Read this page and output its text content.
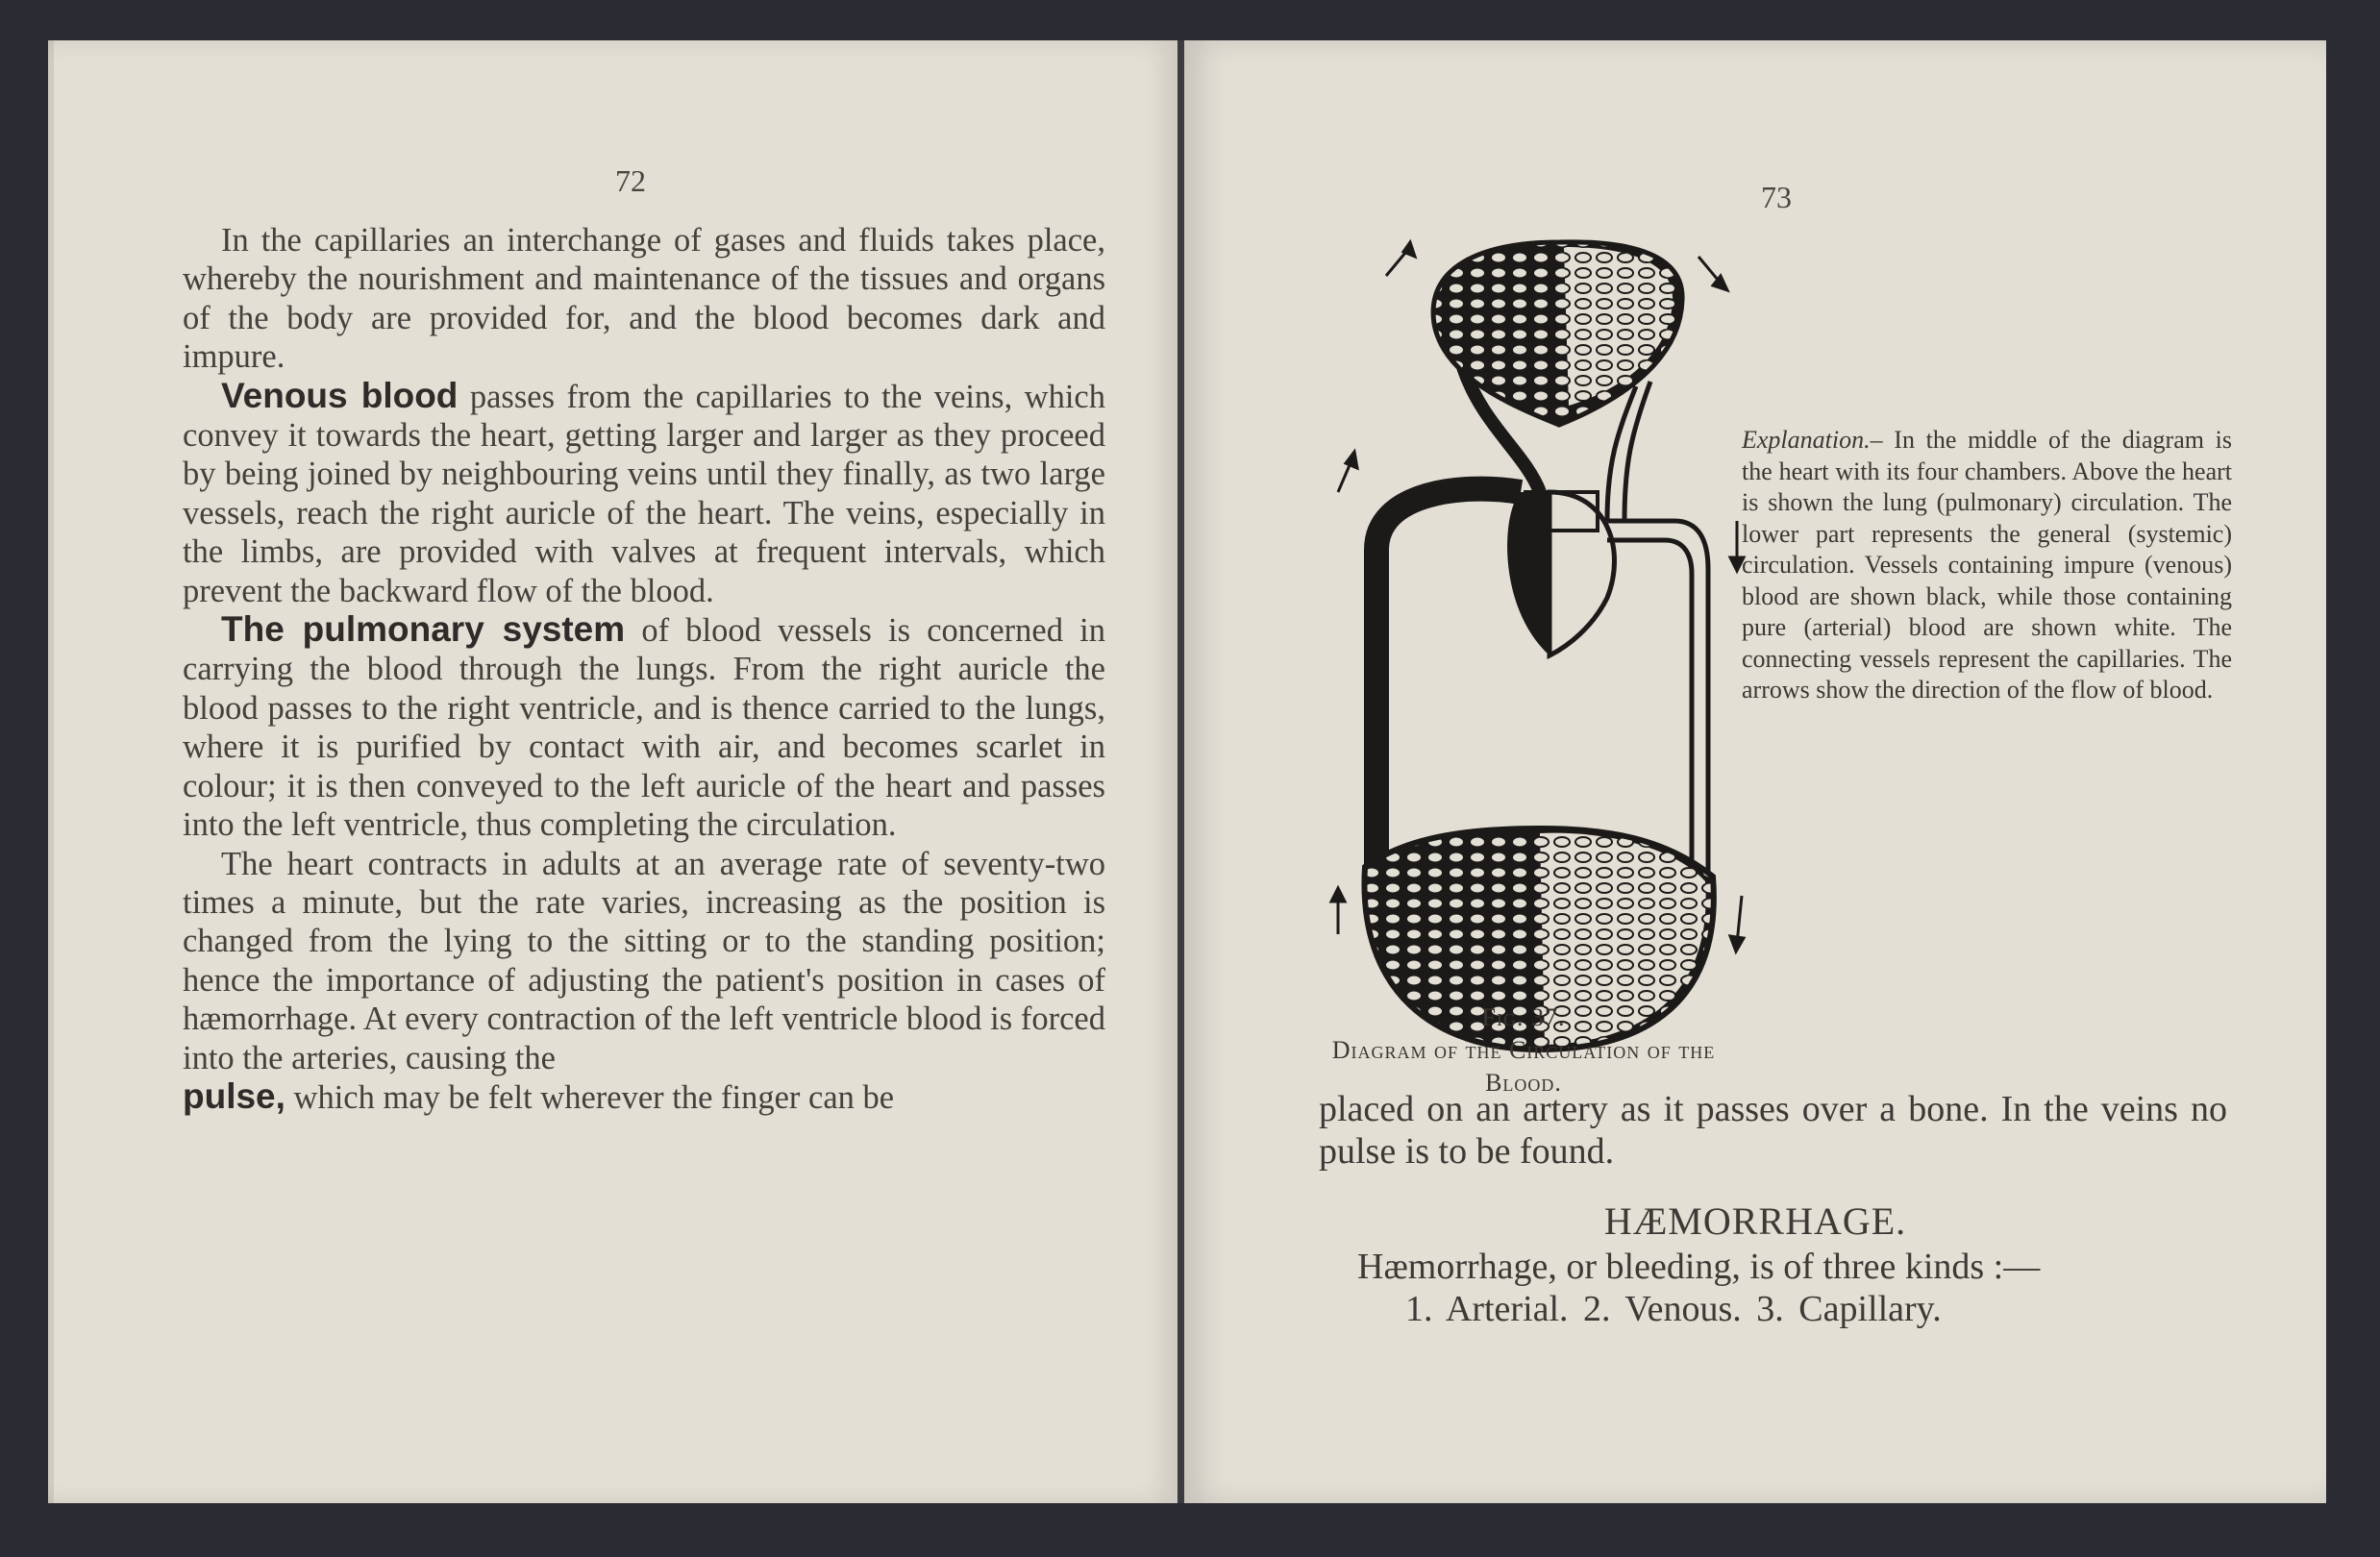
72

In the capillaries an interchange of gases and fluids takes place, whereby the nourishment and maintenance of the tissues and organs of the body are provided for, and the blood becomes dark and impure.

Venous blood passes from the capillaries to the veins, which convey it towards the heart, getting larger and larger as they proceed by being joined by neighbouring veins until they finally, as two large vessels, reach the right auricle of the heart. The veins, especially in the limbs, are provided with valves at frequent intervals, which prevent the backward flow of the blood.

The pulmonary system of blood vessels is concerned in carrying the blood through the lungs. From the right auricle the blood passes to the right ventricle, and is thence carried to the lungs, where it is purified by contact with air, and becomes scarlet in colour; it is then conveyed to the left auricle of the heart and passes into the left ventricle, thus completing the circulation.

The heart contracts in adults at an average rate of seventy-two times a minute, but the rate varies, increasing as the position is changed from the lying to the sitting or to the standing position; hence the importance of adjusting the patient's position in cases of hæmorrhage. At every contraction of the left ventricle blood is forced into the arteries, causing the

pulse, which may be felt wherever the finger can be

73
Fig. 37.
Diagram of the Circulation of the Blood.
Explanation.– In the middle of the diagram is the heart with its four chambers. Above the heart is shown the lung (pulmonary) circulation. The lower part represents the general (systemic) circulation. Vessels containing impure (venous) blood are shown black, while those containing pure (arterial) blood are shown white. The connecting vessels represent the capillaries. The arrows show the direction of the flow of blood.

placed on an artery as it passes over a bone. In the veins no pulse is to be found.

HÆMORRHAGE.
Hæmorrhage, or bleeding, is of three kinds :—
1. Arterial. 2. Venous. 3. Capillary.
